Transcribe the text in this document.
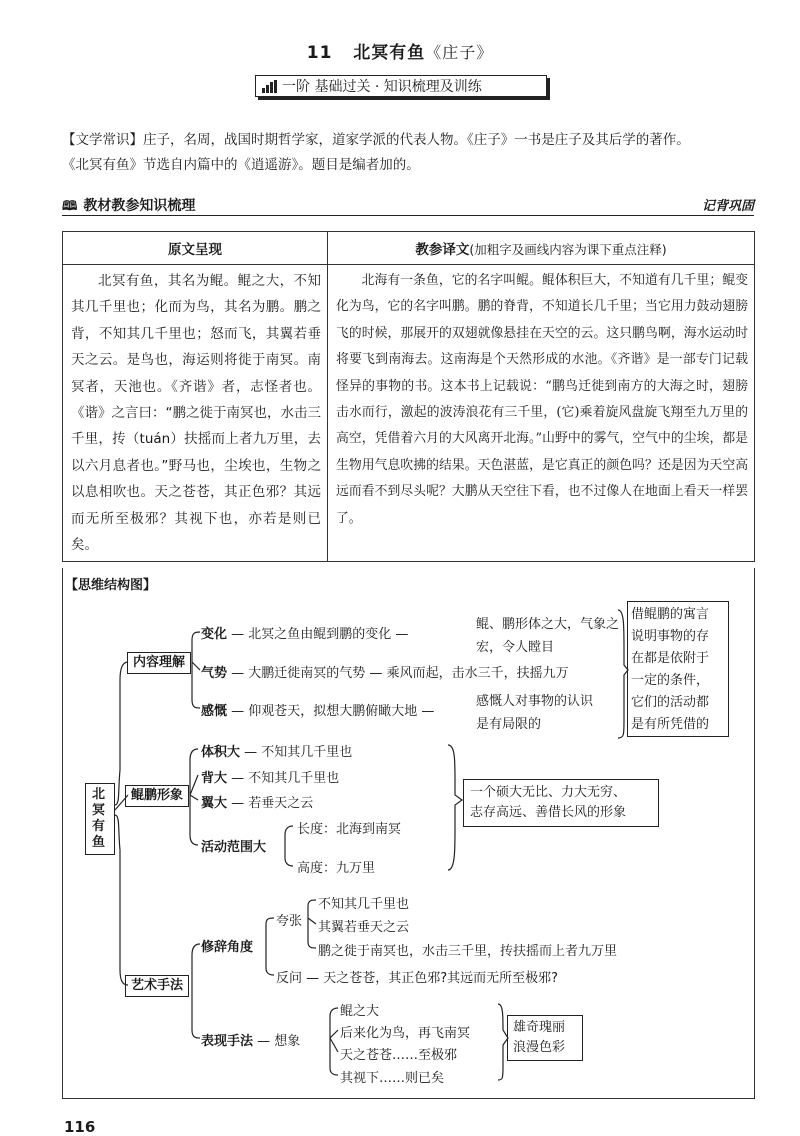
11 北冥有鱼《庄子》
一阶 基础过关 · 知识梳理及训练

【文学常识】庄子，名周，战国时期哲学家，道家学派的代表人物。《庄子》一书是庄子及其后学的著作。

《北冥有鱼》节选自内篇中的《逍遥游》。题目是编者加的。

🕮 教材教参知识梳理	记背巩固
原文呈现	教参译文(加粗字及画线内容为课下重点注释)
北冥有鱼，其名为鲲。鲲之大，不知其几千里也；化而为鸟，其名为鹏。鹏之背，不知其几千里也；怒而飞，其翼若垂天之云。是鸟也，海运则将徙于南冥。南冥者，天池也。《齐谐》者，志怪者也。《谐》之言曰：“鹏之徙于南冥也，水击三千里，抟（tuán）扶摇而上者九万里，去以六月息者也。”野马也，尘埃也，生物之以息相吹也。天之苍苍，其正色邪？其远而无所至极邪？其视下也，亦若是则已矣。	北海有一条鱼，它的名字叫鲲。鲲体积巨大，不知道有几千里；鲲变化为鸟，它的名字叫鹏。鹏的脊背，不知道长几千里；当它用力鼓动翅膀飞的时候，那展开的双翅就像悬挂在天空的云。这只鹏鸟啊，海水运动时将要飞到南海去。这南海是个天然形成的水池。《齐谐》是一部专门记载怪异的事物的书。这本书上记载说：“鹏鸟迁徙到南方的大海之时，翅膀击水而行，激起的波涛浪花有三千里，(它)乘着旋风盘旋飞翔至九万里的高空，凭借着六月的大风离开北海。”山野中的雾气，空气中的尘埃，都是生物用气息吹拂的结果。天色湛蓝，是它真正的颜色吗？还是因为天空高远而看不到尽头呢？大鹏从天空往下看，也不过像人在地面上看天一样罢了。
【思维结构图】
北冥有鱼
内容理解
变化 — 北冥之鱼由鲲到鹏的变化 —
鲲、鹏形体之大，气象之
宏，令人瞠目
气势 — 大鹏迁徙南冥的气势 — 乘风而起，击水三千，扶摇九万
感慨 — 仰观苍天，拟想大鹏俯瞰大地 —
感慨人对事物的认识
是有局限的
借鲲鹏的寓言
说明事物的存
在都是依附于
一定的条件，
它们的活动都
是有所凭借的
鲲鹏形象
体积大 — 不知其几千里也
背大 — 不知其几千里也
翼大 — 若垂天之云
活动范围大
长度：北海到南冥
高度：九万里
一个硕大无比、力大无穷、
志存高远、善借长风的形象
艺术手法
修辞角度
夸张
不知其几千里也
其翼若垂天之云
鹏之徙于南冥也，水击三千里，抟扶摇而上者九万里
反问 — 天之苍苍，其正色邪?其远而无所至极邪?
表现手法 — 想象
鲲之大
后来化为鸟，再飞南冥
天之苍苍……至极邪
其视下……则已矣
雄奇瑰丽
浪漫色彩
116
